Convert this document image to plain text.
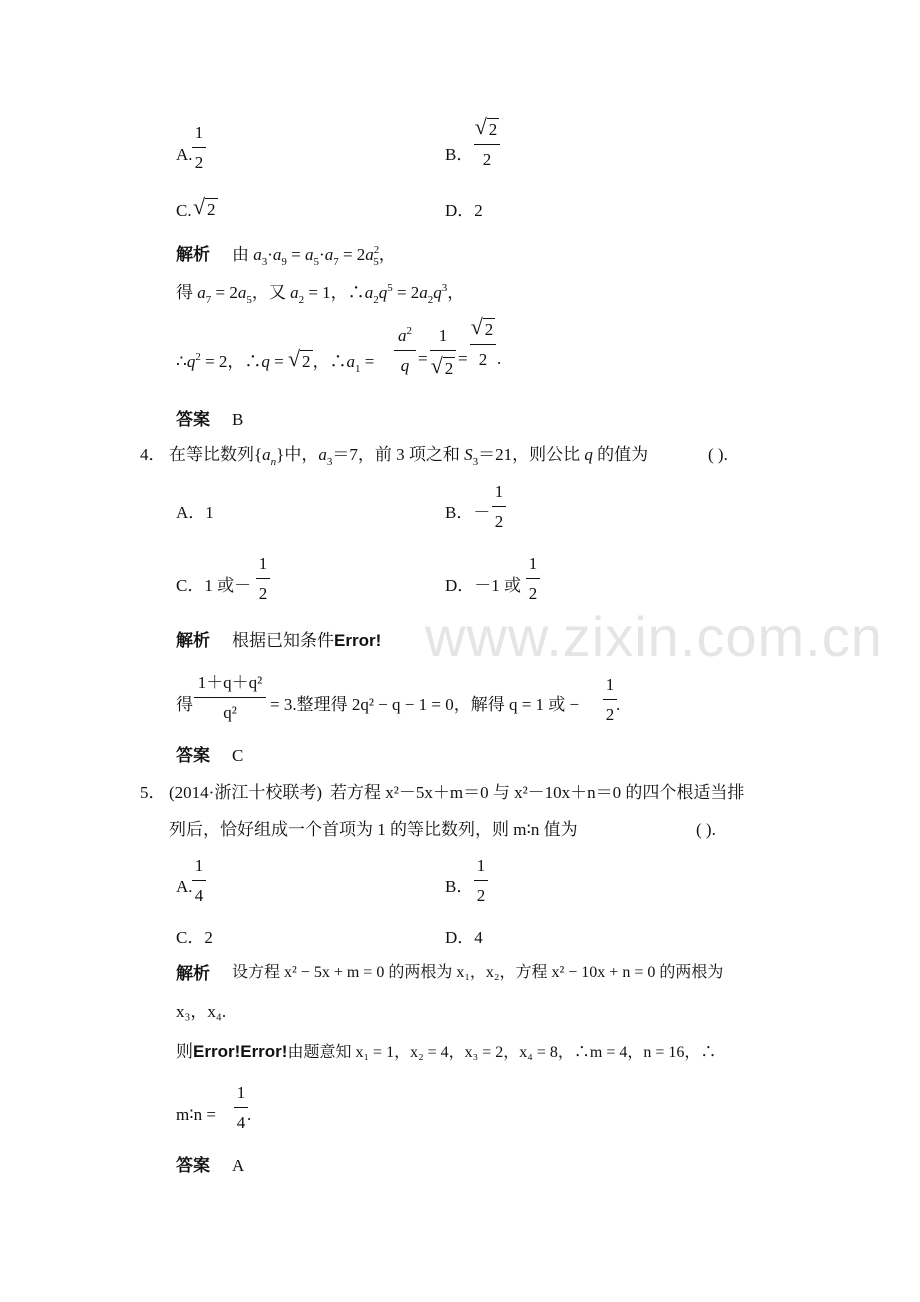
www.zixin.com.cn
A.
1
2	B．
√ 2
2
C. √ 2	D．2
解析 由 $a_3\cdot a_9 = a_5\cdot a_7 = 2a^2_5$，
得 $a_7 = 2a_5$，又 $a_2 = 1$，$\therefore a_2q^5 = 2a_2q^3$，
$\therefore q^2 = 2$，∴q = √ 2 ，$\therefore a_1$ =
$a^2$
q =
1
√ 2
=
√ 2
2 .
答案 B
4． 在等比数列$\{a_n\}$中，$a_3=7$，前 3 项之和 $S_3=21$，则公比 q 的值为	( ).
A．1	B．－
1
2
C．1 或－
1
2	D．－1 或
1
2
解析 根据已知条件Error!
得
1＋q＋q²
q²	= 3.整理得 2q² − q − 1 = 0，解得 q = 1 或 −
1
2
.
答案 C
5． (2014·浙江十校联考) 若方程 x²－5x＋m＝0 与 x²－10x＋n＝0 的四个根适当排
列后，恰好组成一个首项为 1 的等比数列，则 m∶n 值为	( ).
A.
1
4	B．
1
2
C．2	D．4
解析 设方程 x² − 5x + m = 0 的两根为 x₁，x₂，方程 x² − 10x + n = 0 的两根为
x₃，x₄.
则Error!Error!由题意知 x₁ = 1，x₂ = 4，x₃ = 2，x₄ = 8，∴m = 4，n = 16，∴
m∶n =
1
4 .
答案 A
